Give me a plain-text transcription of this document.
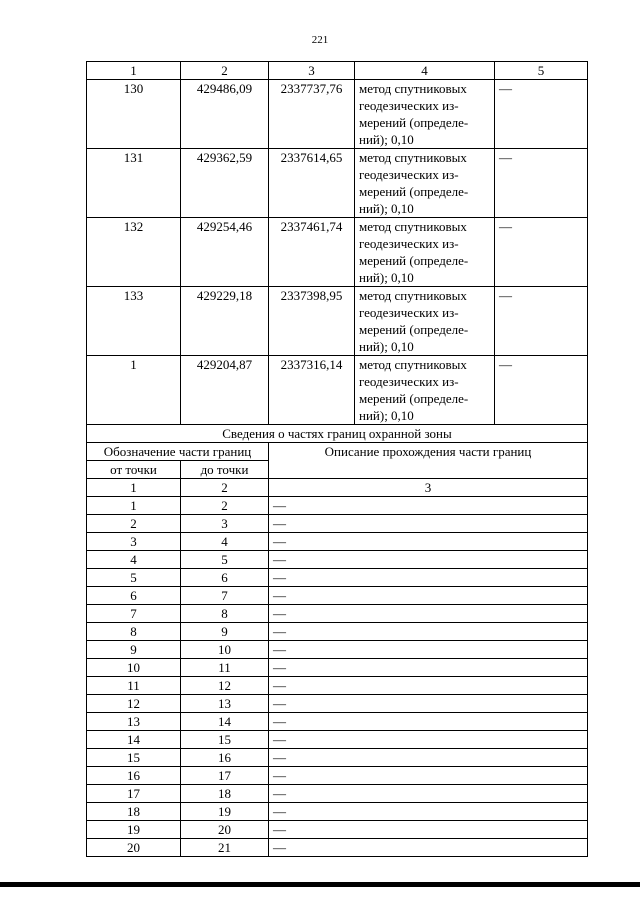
221
1	2	3	4	5
130	429486,09	2337737,76	метод спутниковых
геодезических из-
мерений (определе-
ний); 0,10	—
131	429362,59	2337614,65	метод спутниковых
геодезических из-
мерений (определе-
ний); 0,10	—
132	429254,46	2337461,74	метод спутниковых
геодезических из-
мерений (определе-
ний); 0,10	—
133	429229,18	2337398,95	метод спутниковых
геодезических из-
мерений (определе-
ний); 0,10	—
1	429204,87	2337316,14	метод спутниковых
геодезических из-
мерений (определе-
ний); 0,10	—
Сведения о частях границ охранной зоны				
Обозначение части границ		Описание прохождения части границ		
от точки	до точки			
1	2	3		
1	2	—		
2	3	—		
3	4	—		
4	5	—		
5	6	—		
6	7	—		
7	8	—		
8	9	—		
9	10	—		
10	11	—		
11	12	—		
12	13	—		
13	14	—		
14	15	—		
15	16	—		
16	17	—		
17	18	—		
18	19	—		
19	20	—		
20	21	—		
